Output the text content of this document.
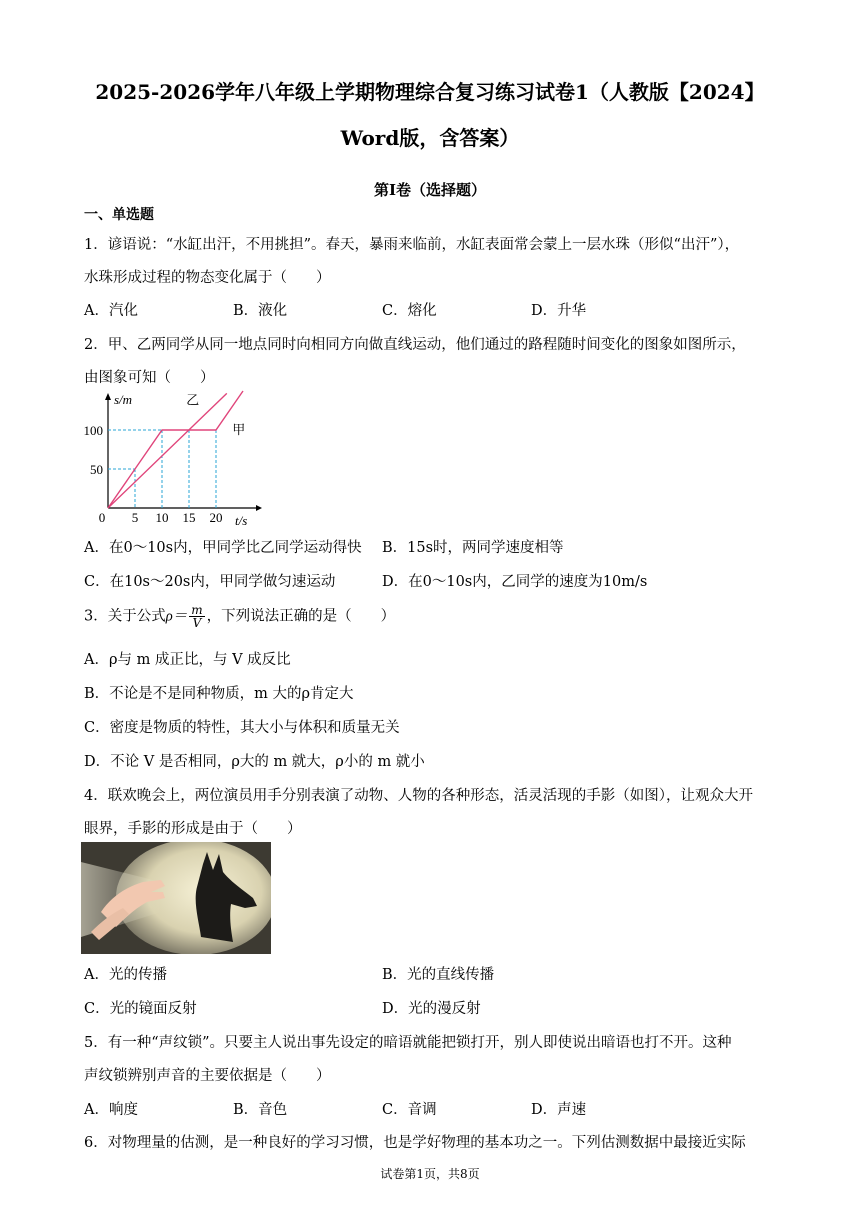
2025-2026学年八年级上学期物理综合复习练习试卷1（人教版【2024】
Word版，含答案）
第Ⅰ卷（选择题）
一、单选题
1．谚语说：“水缸出汗，不用挑担”。春天，暴雨来临前，水缸表面常会蒙上一层水珠（形似“出汗”），
水珠形成过程的物态变化属于（　　）
A．汽化	B．液化	C．熔化	D．升华
2．甲、乙两同学从同一地点同时向相同方向做直线运动，他们通过的路程随时间变化的图象如图所示，
由图象可知（　　）
0 5 10 15 20
50
100
s/m
t/s
甲
乙
A．在0～10s内，甲同学比乙同学运动得快 B．15s时，两同学速度相等
C．在10s～20s内，甲同学做匀速运动	D．在0～10s内，乙同学的速度为10m/s
3．关于公式$\rho= \frac{m}{V}$ ，下列说法正确的是（　　）
A．ρ与 m 成正比，与 V 成反比
B．不论是不是同种物质，m 大的ρ肯定大
C．密度是物质的特性，其大小与体积和质量无关
D．不论 V 是否相同，ρ大的 m 就大，ρ小的 m 就小
4．联欢晚会上，两位演员用手分别表演了动物、人物的各种形态，活灵活现的手影（如图），让观众大开
眼界，手影的形成是由于（　　）
A．光的传播	B．光的直线传播
C．光的镜面反射	D．光的漫反射
5．有一种“声纹锁”。只要主人说出事先设定的暗语就能把锁打开，别人即使说出暗语也打不开。这种
声纹锁辨别声音的主要依据是（　　）
A．响度	B．音色	C．音调	D．声速
6．对物理量的估测，是一种良好的学习习惯，也是学好物理的基本功之一。下列估测数据中最接近实际
试卷第1页，共8页
